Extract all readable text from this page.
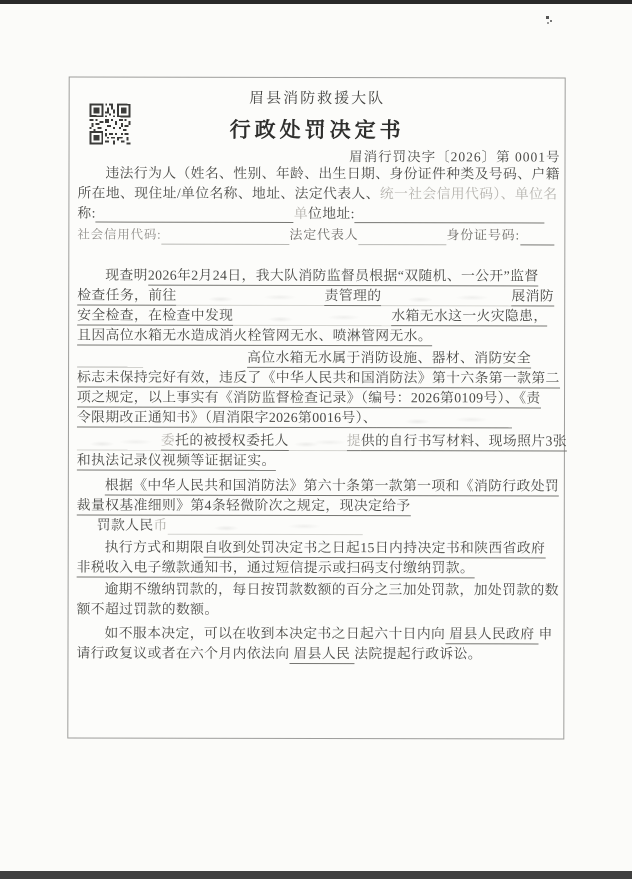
眉县消防救援大队
行政处罚决定书
眉消行罚决字〔2026〕第 0001号
违法行为人（姓名、性别、年龄、出生日期、身份证件种类及号码、户籍
所在地、现住址/单位名称、地址、法定代表人、统一社会信用代码）、单位名
称:	单位地址:
社会信用代码:	法定代表人	身份证号码:
现查明2026年2月24日，我大队消防监督员根据“双随机、一公开”监督
检查任务，前往	责管理的	展消防
安全检查，在检查中发现	水箱无水这一火灾隐患，
且因高位水箱无水造成消火栓管网无水、喷淋管网无水。
高位水箱无水属于消防设施、器材、消防安全
标志未保持完好有效，违反了《中华人民共和国消防法》第十六条第一款第二
项之规定，以上事实有《消防监督检查记录》（编号：2026第0109号）、《责
令限期改正通知书》（眉消限字2026第0016号）、
委托的被授权委托人	提供的自行书写材料、现场照片3张
和执法记录仪视频等证据证实。
根据《中华人民共和国消防法》第六十条第一款第一项和《消防行政处罚
裁量权基准细则》第4条轻微阶次之规定，现决定给予
罚款人民币
执行方式和期限自收到处罚决定书之日起15日内持决定书和陕西省政府
非税收入电子缴款通知书，通过短信提示或扫码支付缴纳罚款。
逾期不缴纳罚款的，每日按罚款数额的百分之三加处罚款，加处罚款的数
额不超过罚款的数额。
如不服本决定，可以在收到本决定书之日起六十日内向 眉县人民政府 申
请行政复议或者在六个月内依法向 眉县人民 法院提起行政诉讼。
